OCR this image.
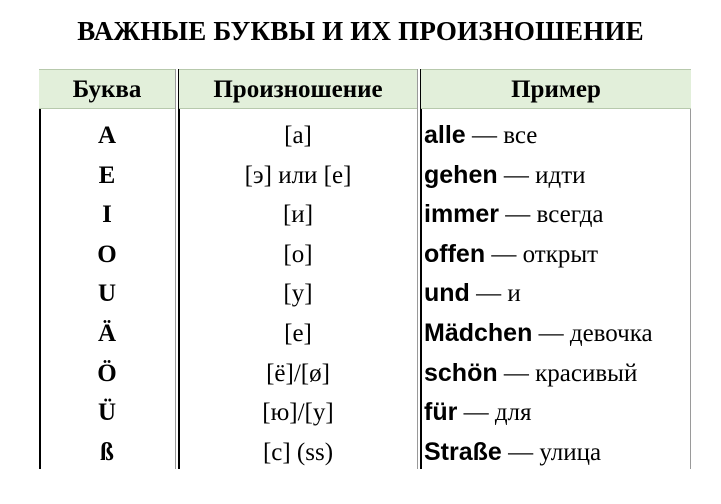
ВАЖНЫЕ БУКВЫ И ИХ ПРОИЗНОШЕНИЕ
Буква
A
E
I
O
U
Ä
Ö
Ü
ß
Произношение
[а]
[э] или [е]
[и]
[о]
[у]
[е]
[ё]/[ø]
[ю]/[у]
[с] (ss)
Пример
alle — все
gehen — идти
immer — всегда
offen — открыт
und — и
Mädchen — девочка
schön — красивый
für — для
Straße — улица
